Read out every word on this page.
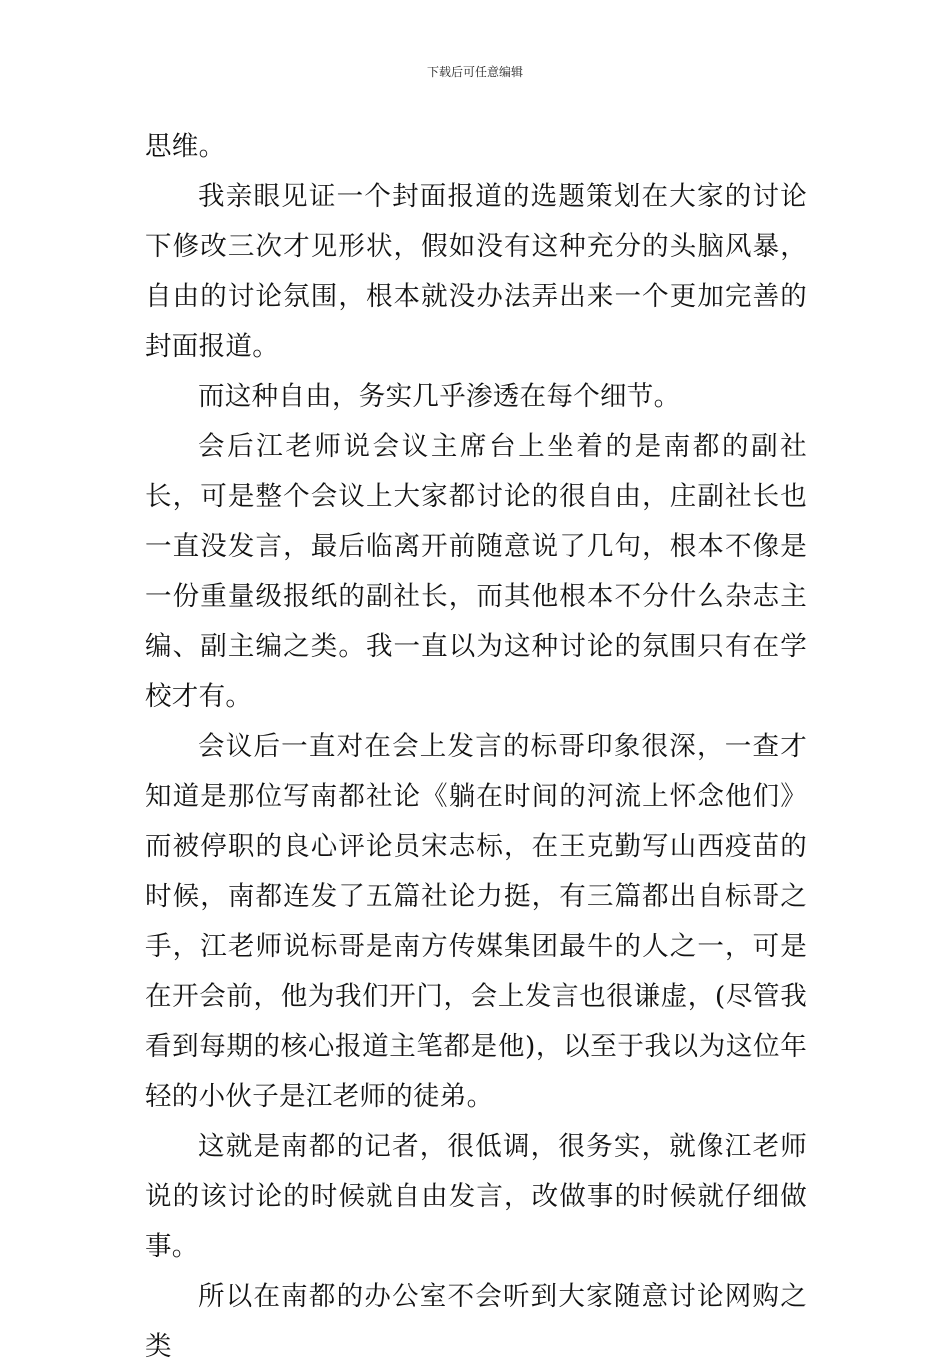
下载后可任意编辑

思维。

我亲眼见证一个封面报道的选题策划在大家的讨论下修改三次才见形状，假如没有这种充分的头脑风暴，自由的讨论氛围，根本就没办法弄出来一个更加完善的封面报道。

而这种自由，务实几乎渗透在每个细节。

会后江老师说会议主席台上坐着的是南都的副社长，可是整个会议上大家都讨论的很自由，庄副社长也一直没发言，最后临离开前随意说了几句，根本不像是一份重量级报纸的副社长，而其他根本不分什么杂志主编、副主编之类。我一直以为这种讨论的氛围只有在学校才有。

会议后一直对在会上发言的标哥印象很深，一查才知道是那位写南都社论《躺在时间的河流上怀念他们》而被停职的良心评论员宋志标，在王克勤写山西疫苗的时候，南都连发了五篇社论力挺，有三篇都出自标哥之手，江老师说标哥是南方传媒集团最牛的人之一，可是在开会前，他为我们开门，会上发言也很谦虚，(尽管我看到每期的核心报道主笔都是他)，以至于我以为这位年轻的小伙子是江老师的徒弟。

这就是南都的记者，很低调，很务实，就像江老师说的该讨论的时候就自由发言，改做事的时候就仔细做事。

所以在南都的办公室不会听到大家随意讨论网购之类
